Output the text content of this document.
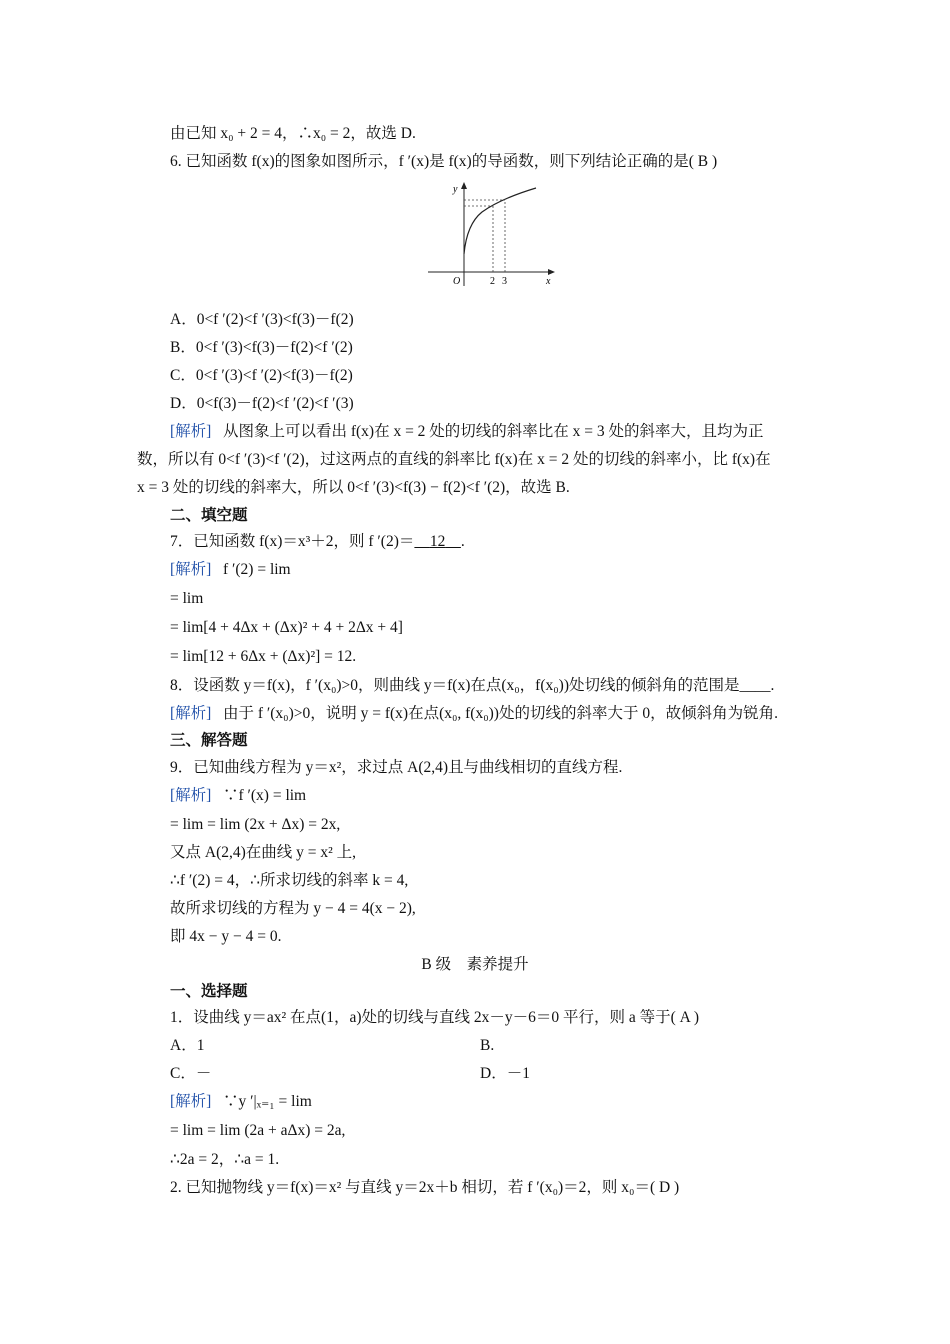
由已知 x₀ + 2 = 4，∴x₀ = 2，故选 D.
6. 已知函数 f(x)的图象如图所示，f ′(x)是 f(x)的导函数，则下列结论正确的是( B )
y
x
O	2 3
A．0<f ′(2)<f ′(3)<f(3)－f(2)
B．0<f ′(3)<f(3)－f(2)<f ′(2)
C．0<f ′(3)<f ′(2)<f(3)－f(2)
D．0<f(3)－f(2)<f ′(2)<f ′(3)
[解析] 从图象上可以看出 f(x)在 x = 2 处的切线的斜率比在 x = 3 处的斜率大，且均为正
数，所以有 0<f ′(3)<f ′(2)，过这两点的直线的斜率比 f(x)在 x = 2 处的切线的斜率小，比 f(x)在
x = 3 处的切线的斜率大，所以 0<f ′(3)<f(3) − f(2)<f ′(2)，故选 B.
二、填空题
7．已知函数 f(x)＝x³＋2，则 f ′(2)＝ 12 .
[解析] f ′(2) = lim
= lim
= lim[4 + 4Δx + (Δx)² + 4 + 2Δx + 4]
= lim[12 + 6Δx + (Δx)²] = 12.
8．设函数 y＝f(x)，f ′(x₀)>0，则曲线 y＝f(x)在点(x₀，f(x₀))处切线的倾斜角的范围是____.
[解析] 由于 f ′(x₀)>0，说明 y = f(x)在点(x₀, f(x₀))处的切线的斜率大于 0，故倾斜角为锐角.
三、解答题
9．已知曲线方程为 y＝x²，求过点 A(2,4)且与曲线相切的直线方程.
[解析] ∵f ′(x) = lim
= lim = lim (2x + Δx) = 2x,
又点 A(2,4)在曲线 y = x² 上,
∴f ′(2) = 4，∴所求切线的斜率 k = 4,
故所求切线的方程为 y − 4 = 4(x − 2),
即 4x − y − 4 = 0.
B 级　素养提升
一、选择题
1．设曲线 y＝ax² 在点(1，a)处的切线与直线 2x－y－6＝0 平行，则 a 等于( A )
A．1	B.
C．－	D．－1
[解析] ∵y ′|ₓ₌₁ = lim
= lim = lim (2a + aΔx) = 2a,
∴2a = 2，∴a = 1.
2. 已知抛物线 y＝f(x)＝x² 与直线 y＝2x＋b 相切，若 f ′(x₀)＝2，则 x₀＝( D )
